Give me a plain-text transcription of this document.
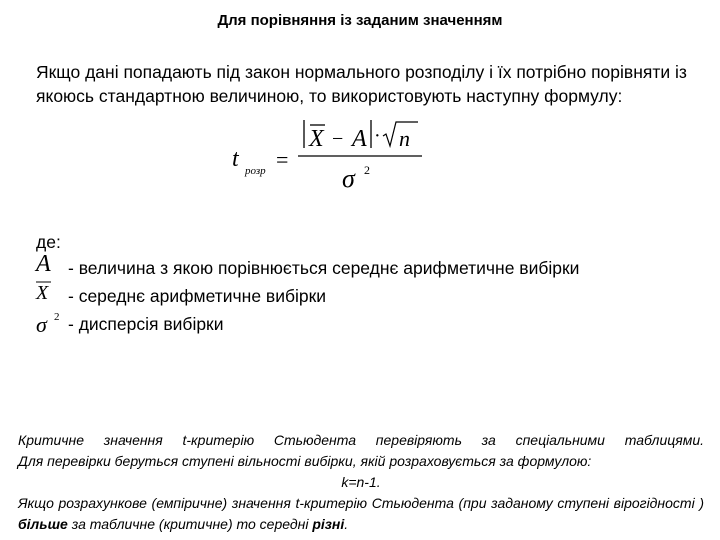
Для порівняння із заданим значенням
Якщо дані попадають під закон нормального розподілу і їх потрібно порівняти із якоюсь стандартною величиною, то використовують наступну формулу:
t розр =
X − A · n
σ 2
де:
A - величина з якою порівнюється середнє арифметичне вибірки
X - середнє арифметичне вибірки
σ 2 - дисперсія вибірки
Критичне значення t-критерію Стьюдента перевіряють за спеціальними таблицями.
Для перевірки беруться ступені вільності вибірки, якій розраховується за формулою:
k=n-1.
Якщо розрахункове (емпіричне) значення t-критерію Стьюдента (при заданому ступені вірогідності ) більше за табличне (критичне) то середні різні.
